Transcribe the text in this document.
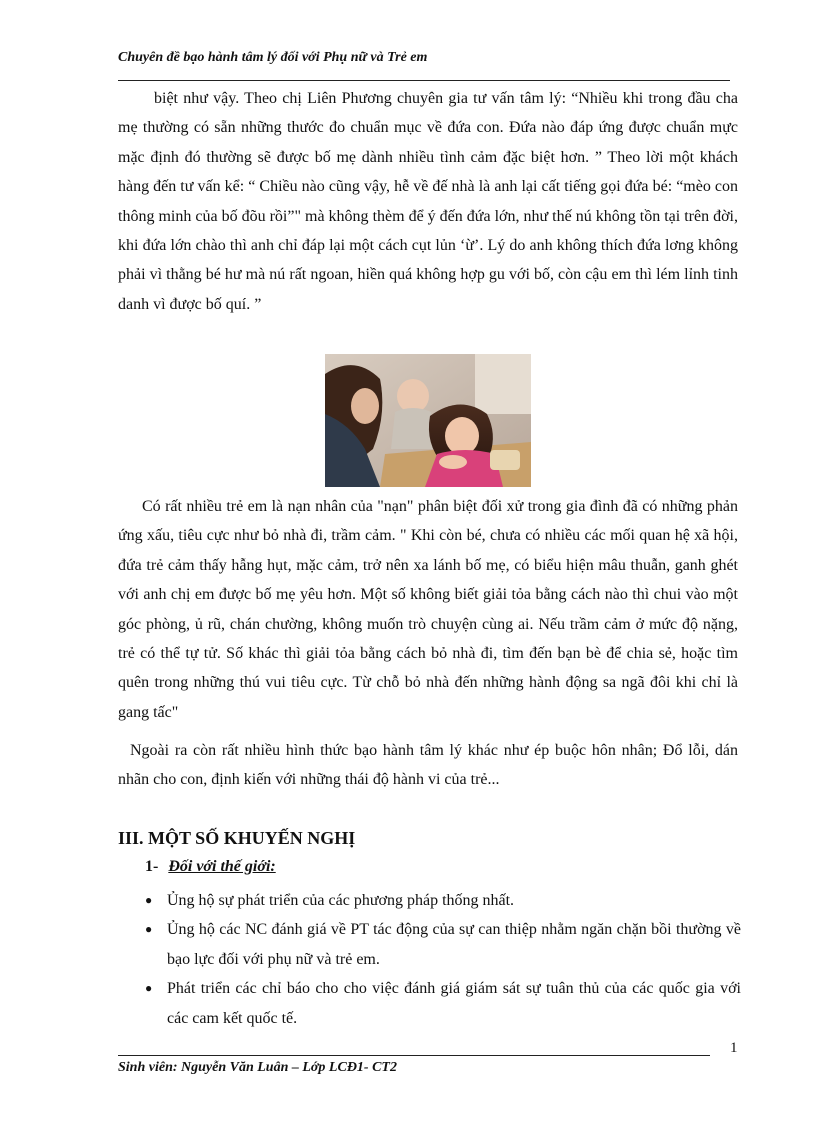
Chuyên đề bạo hành tâm lý đối với Phụ nữ và Trẻ em

biệt như vậy. Theo chị Liên Phương chuyên gia tư vấn tâm lý: “Nhiều khi trong đầu cha mẹ thường có sẵn những thước đo chuẩn mục về đứa con. Đứa nào đáp ứng được chuẩn mực mặc định đó thường sẽ được bố mẹ dành nhiều tình cảm đặc biệt hơn. ” Theo lời một khách hàng đến tư vấn kể: “ Chiều nào cũng vậy, hễ về đế nhà là anh lại cất tiếng gọi đứa bé: “mèo con thông minh của bố đõu rồi”" mà không thèm để ý đến đứa lớn, như thế nú không tồn tại trên đời, khi đứa lớn chào thì anh chỉ đáp lại một cách cụt lủn ‘ừ’. Lý do anh không thích đứa lơng không phải vì thằng bé hư mà nú rất ngoan, hiền quá không hợp gu với bố, còn cậu em thì lém lỉnh tinh danh vì được bố quí. ”

Có rất nhiều trẻ em là nạn nhân của "nạn" phân biệt đối xử trong gia đình đã có những phản ứng xấu, tiêu cực như bỏ nhà đi, trầm cảm. " Khi còn bé, chưa có nhiều các mối quan hệ xã hội, đứa trẻ cảm thấy hẫng hụt, mặc cảm, trở nên xa lánh bố mẹ, có biểu hiện mâu thuẫn, ganh ghét với anh chị em được bố mẹ yêu hơn. Một số không biết giải tỏa bằng cách nào thì chui vào một góc phòng, ủ rũ, chán chường, không muốn trò chuyện cùng ai. Nếu trầm cảm ở mức độ nặng, trẻ có thể tự tử. Số khác thì giải tỏa bằng cách bỏ nhà đi, tìm đến bạn bè để chia sẻ, hoặc tìm quên trong những thú vui tiêu cực. Từ chỗ bỏ nhà đến những hành động sa ngã đôi khi chỉ là gang tấc"

Ngoài ra còn rất nhiều hình thức bạo hành tâm lý khác như ép buộc hôn nhân; Đổ lỗi, dán nhãn cho con, định kiến với những thái độ hành vi của trẻ...

III. MỘT SỐ KHUYẾN NGHỊ
1- Đối với thế giới:
● Ủng hộ sự phát triển của các phương pháp thống nhất.
● Ủng hộ các NC đánh giá về PT tác động của sự can thiệp nhằm ngăn chặn bồi thường về bạo lực đối với phụ nữ và trẻ em.
● Phát triển các chỉ báo cho cho việc đánh giá giám sát sự tuân thủ của các quốc gia với các cam kết quốc tế.
1
Sinh viên: Nguyễn Văn Luân – Lớp LCĐ1- CT2
